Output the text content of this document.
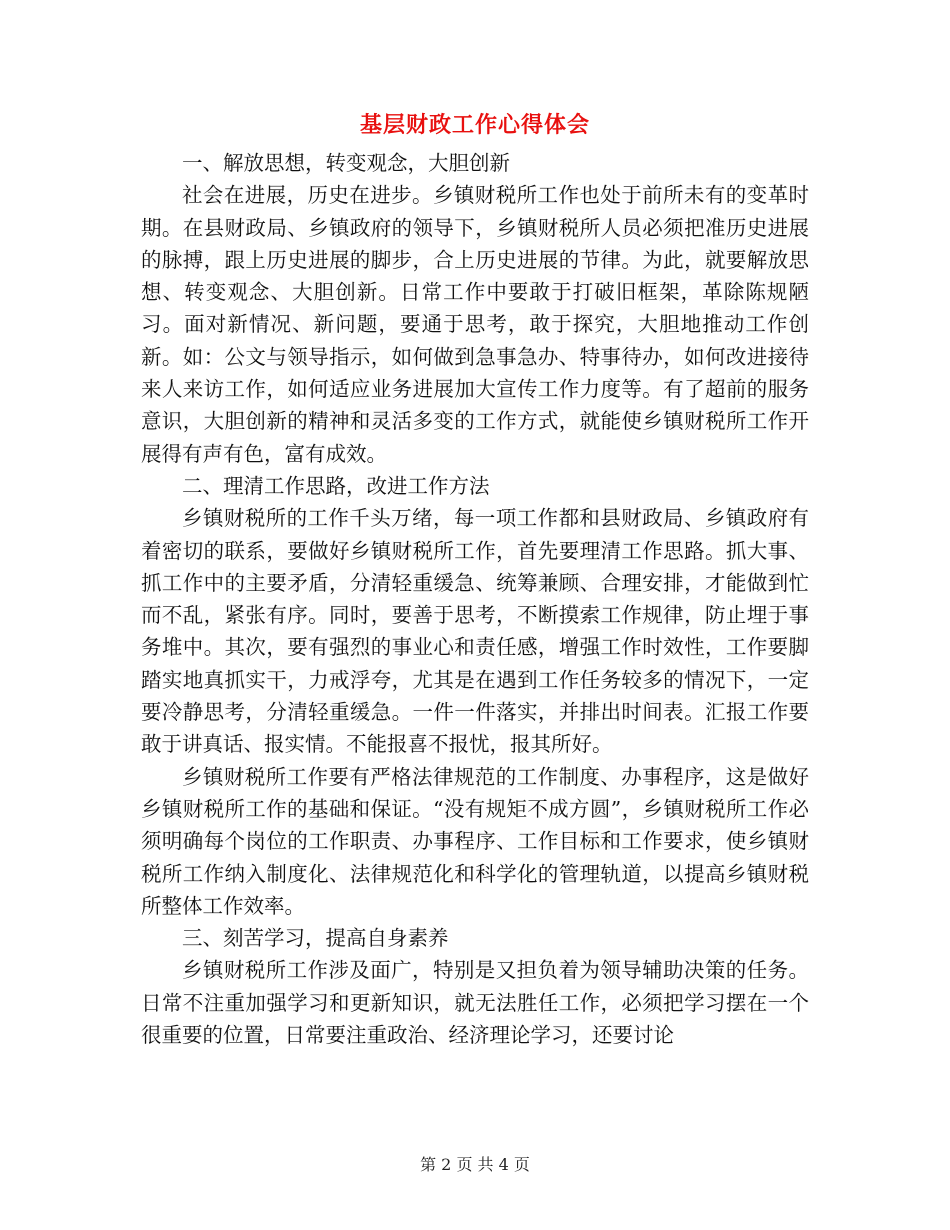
基层财政工作心得体会

一、解放思想，转变观念，大胆创新

社会在进展，历史在进步。乡镇财税所工作也处于前所未有的变革时期。在县财政局、乡镇政府的领导下，乡镇财税所人员必须把准历史进展的脉搏，跟上历史进展的脚步，合上历史进展的节律。为此，就要解放思想、转变观念、大胆创新。日常工作中要敢于打破旧框架，革除陈规陋习。面对新情况、新问题，要通于思考，敢于探究，大胆地推动工作创新。如：公文与领导指示，如何做到急事急办、特事待办，如何改进接待来人来访工作，如何适应业务进展加大宣传工作力度等。有了超前的服务意识，大胆创新的精神和灵活多变的工作方式，就能使乡镇财税所工作开展得有声有色，富有成效。

二、理清工作思路，改进工作方法

乡镇财税所的工作千头万绪，每一项工作都和县财政局、乡镇政府有着密切的联系，要做好乡镇财税所工作，首先要理清工作思路。抓大事、抓工作中的主要矛盾，分清轻重缓急、统筹兼顾、合理安排，才能做到忙而不乱，紧张有序。同时，要善于思考，不断摸索工作规律，防止埋于事务堆中。其次，要有强烈的事业心和责任感，增强工作时效性，工作要脚踏实地真抓实干，力戒浮夸，尤其是在遇到工作任务较多的情况下，一定要冷静思考，分清轻重缓急。一件一件落实，并排出时间表。汇报工作要敢于讲真话、报实情。不能报喜不报忧，报其所好。

乡镇财税所工作要有严格法律规范的工作制度、办事程序，这是做好乡镇财税所工作的基础和保证。“没有规矩不成方圆”，乡镇财税所工作必须明确每个岗位的工作职责、办事程序、工作目标和工作要求，使乡镇财税所工作纳入制度化、法律规范化和科学化的管理轨道，以提高乡镇财税所整体工作效率。

三、刻苦学习，提高自身素养

乡镇财税所工作涉及面广，特别是又担负着为领导辅助决策的任务。日常不注重加强学习和更新知识，就无法胜任工作，必须把学习摆在一个很重要的位置，日常要注重政治、经济理论学习，还要讨论

第 2 页 共 4 页
